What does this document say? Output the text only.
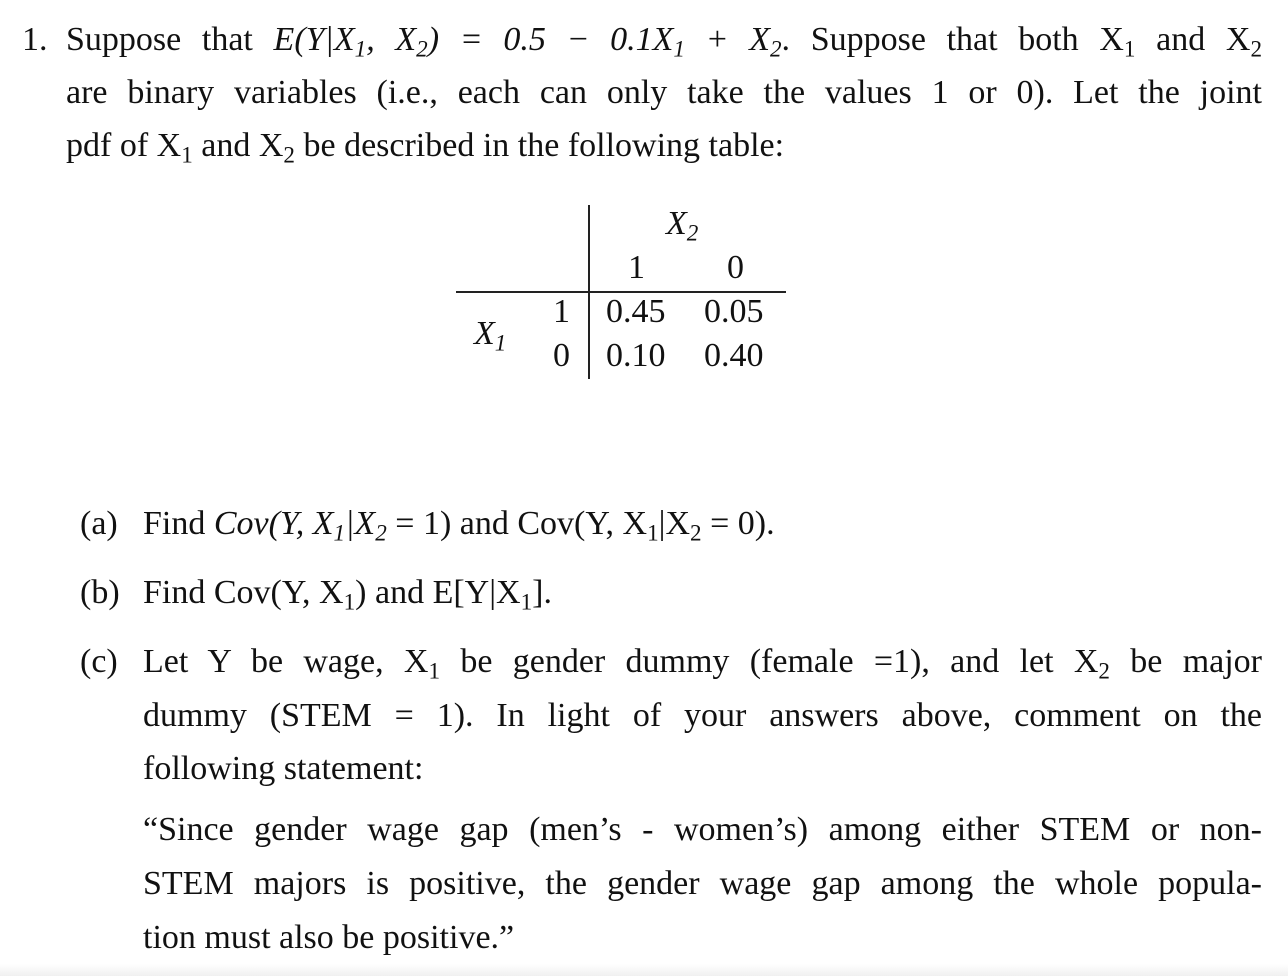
1. Suppose that $E(Y|X_1$, $X_2) = 0.5 - 0.1X_1 + X_2$. Suppose that both $X_1$ and $X_2$
are binary variables (i.e., each can only take the values 1 or 0). Let the joint
pdf of $X_1$ and $X_2$ be described in the following table:
$X_2$
1 0
$X_1$
1
0
0.45 0.05
0.10 0.40
(a) Find Cov(Y, $X_1|X_2 = 1$) and Cov(Y, $X_1|X_2 = 0$).
(b) Find Cov(Y, $X_1$) and $E[Y|X_1]$.
(c) Let Y be wage, $X_1$ be gender dummy (female =1), and let $X_2$ be major
dummy (STEM = 1). In light of your answers above, comment on the
following statement:
“Since gender wage gap (men’s - women’s) among either STEM or non-
STEM majors is positive, the gender wage gap among the whole popula-
tion must also be positive.”
